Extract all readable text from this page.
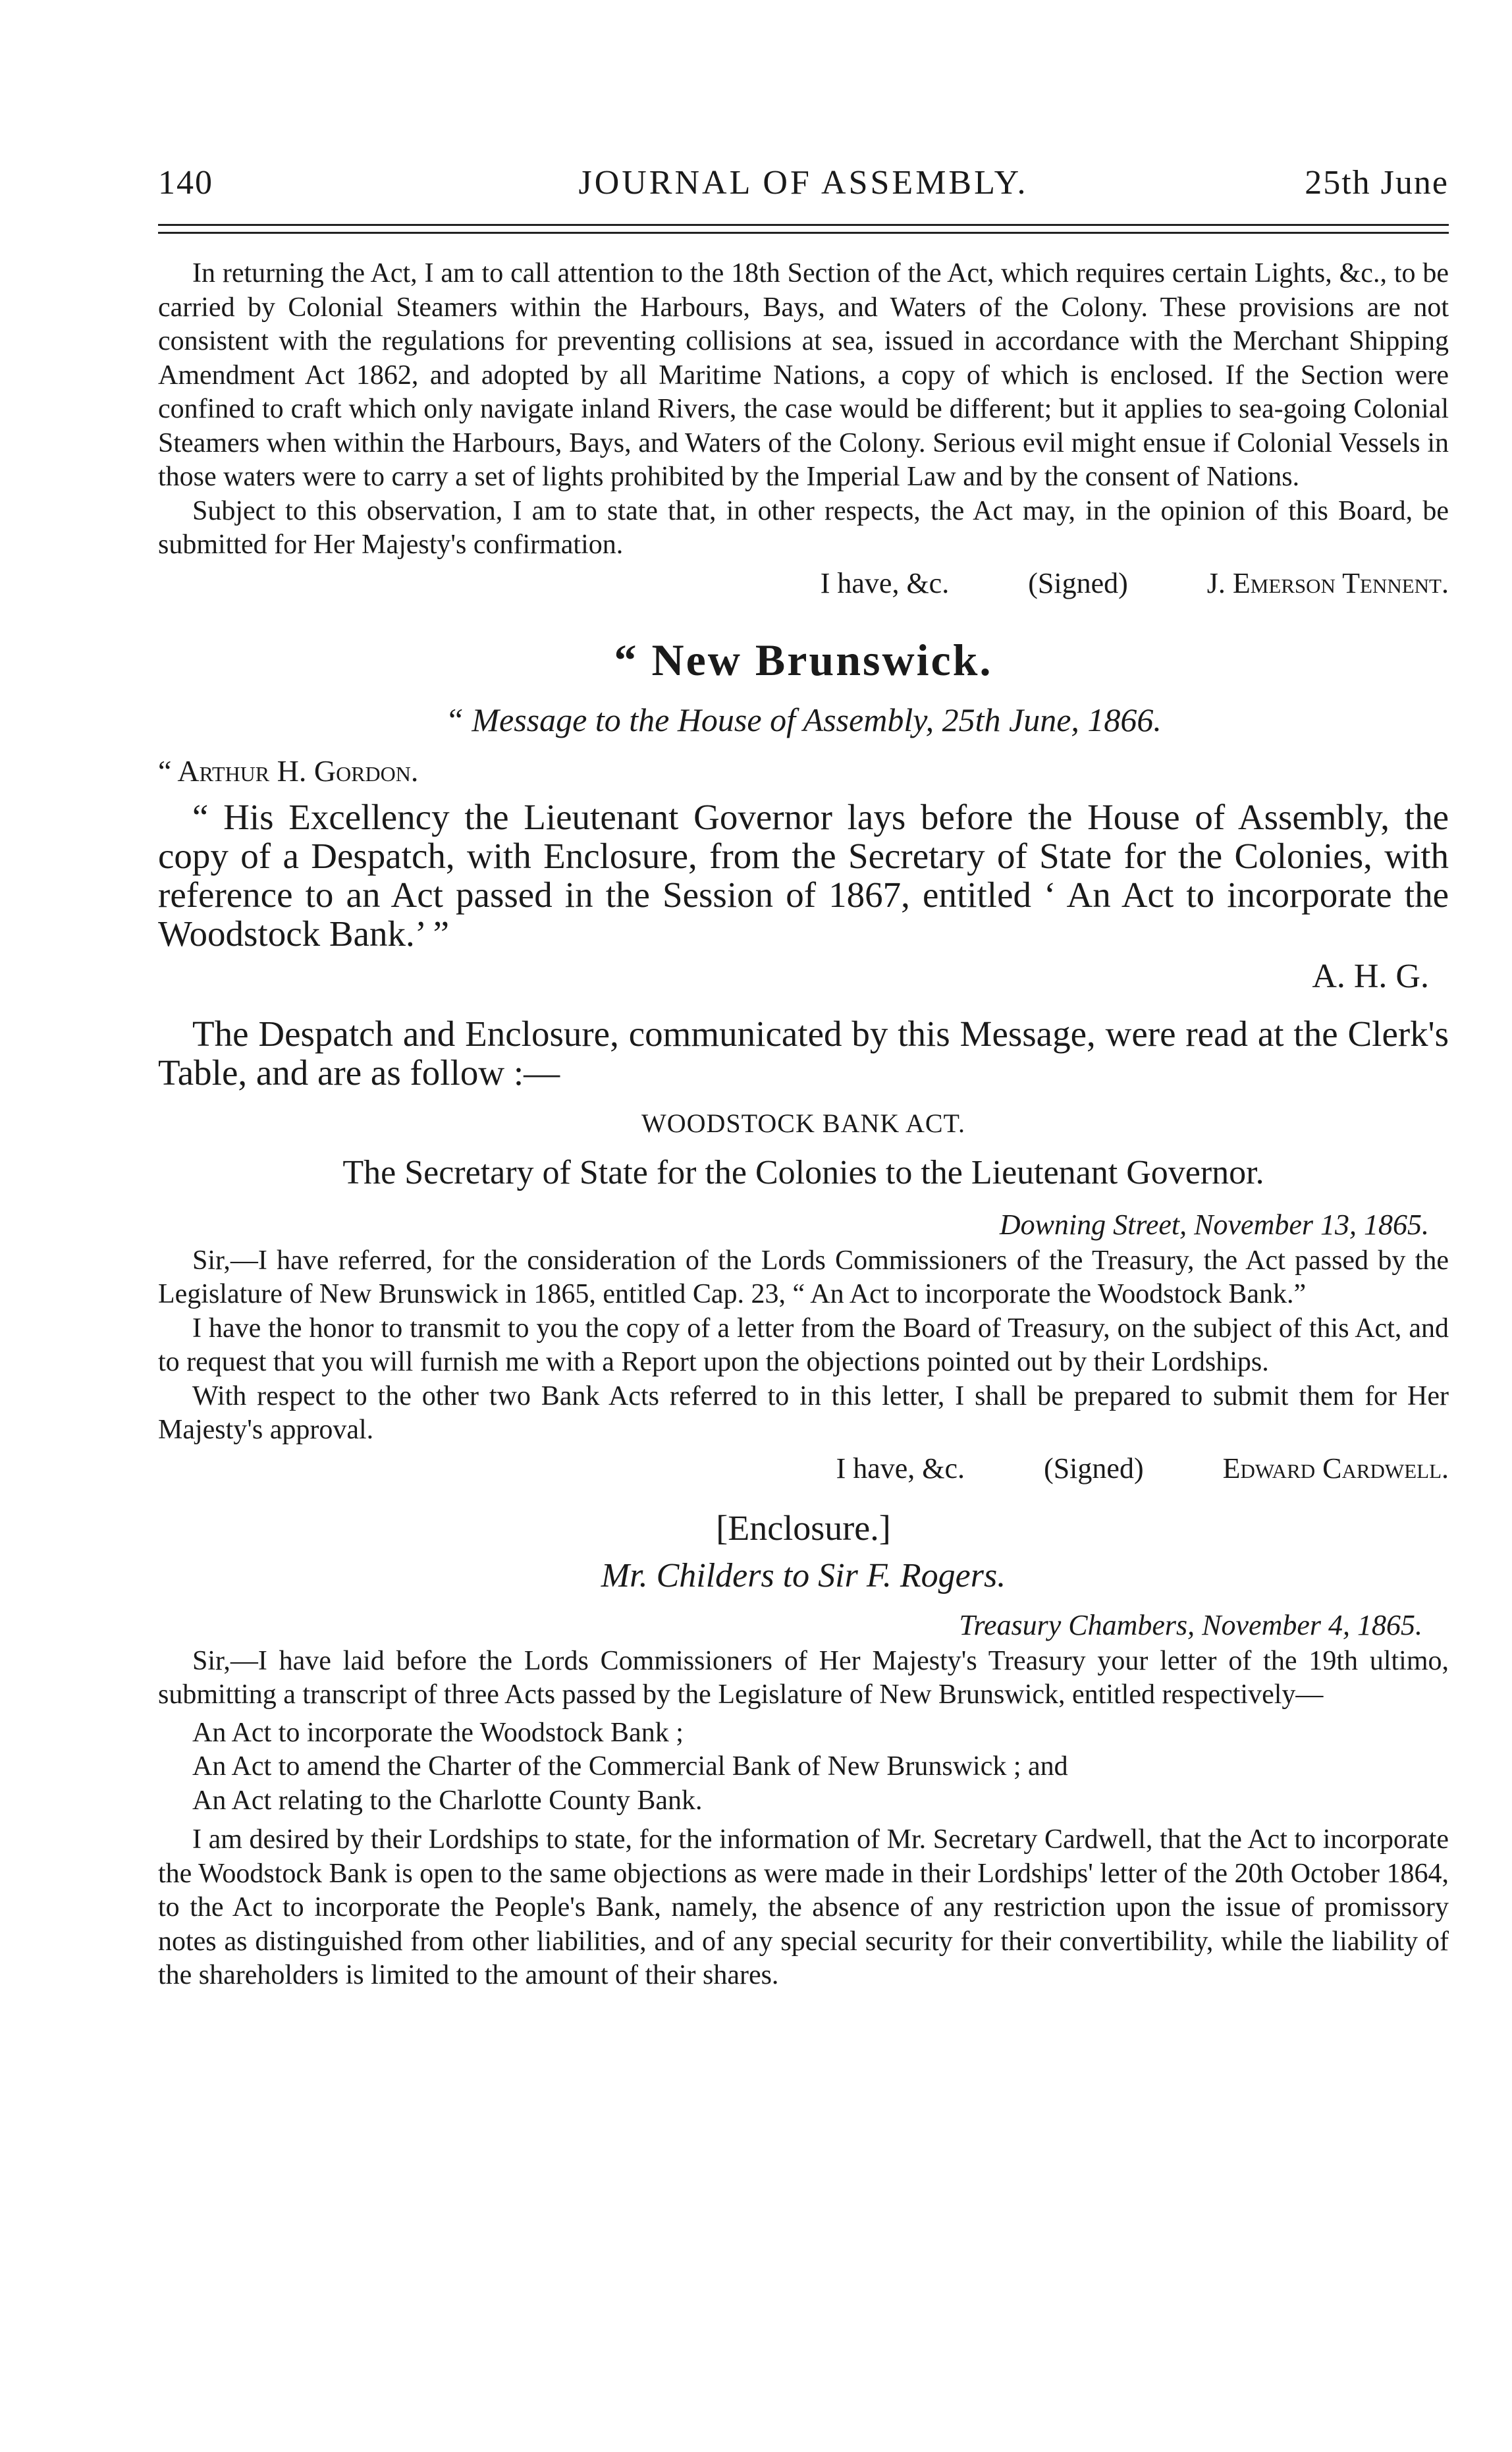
140	JOURNAL OF ASSEMBLY.	25th June

In returning the Act, I am to call attention to the 18th Section of the Act, which requires certain Lights, &c., to be carried by Colonial Steamers within the Harbours, Bays, and Waters of the Colony. These provisions are not consistent with the regulations for preventing collisions at sea, issued in accordance with the Merchant Shipping Amendment Act 1862, and adopted by all Maritime Nations, a copy of which is enclosed. If the Section were confined to craft which only navigate inland Rivers, the case would be different; but it applies to sea-going Colonial Steamers when within the Harbours, Bays, and Waters of the Colony. Serious evil might ensue if Colonial Vessels in those waters were to carry a set of lights prohibited by the Imperial Law and by the consent of Nations.

Subject to this observation, I am to state that, in other respects, the Act may, in the opinion of this Board, be submitted for Her Majesty's confirmation.

I have, &c.	(Signed)	J. Emerson Tennent.

“ New Brunswick.

“ Message to the House of Assembly, 25th June, 1866.

“ Arthur H. Gordon.

“ His Excellency the Lieutenant Governor lays before the House of Assembly, the copy of a Despatch, with Enclosure, from the Secretary of State for the Colonies, with reference to an Act passed in the Session of 1867, entitled ‘ An Act to incorporate the Woodstock Bank.’ ”

A. H. G.

The Despatch and Enclosure, communicated by this Message, were read at the Clerk's Table, and are as follow :—

WOODSTOCK BANK ACT.

The Secretary of State for the Colonies to the Lieutenant Governor.

Downing Street, November 13, 1865.

Sir,—I have referred, for the consideration of the Lords Commissioners of the Treasury, the Act passed by the Legislature of New Brunswick in 1865, entitled Cap. 23, “ An Act to incorporate the Woodstock Bank.”

I have the honor to transmit to you the copy of a letter from the Board of Treasury, on the subject of this Act, and to request that you will furnish me with a Report upon the objections pointed out by their Lordships.

With respect to the other two Bank Acts referred to in this letter, I shall be prepared to submit them for Her Majesty's approval.

I have, &c.	(Signed)	Edward Cardwell.

[Enclosure.]

Mr. Childers to Sir F. Rogers.

Treasury Chambers, November 4, 1865.

Sir,—I have laid before the Lords Commissioners of Her Majesty's Treasury your letter of the 19th ultimo, submitting a transcript of three Acts passed by the Legislature of New Brunswick, entitled respectively—

An Act to incorporate the Woodstock Bank ;

An Act to amend the Charter of the Commercial Bank of New Brunswick ; and

An Act relating to the Charlotte County Bank.

I am desired by their Lordships to state, for the information of Mr. Secretary Cardwell, that the Act to incorporate the Woodstock Bank is open to the same objections as were made in their Lordships' letter of the 20th October 1864, to the Act to incorporate the People's Bank, namely, the absence of any restriction upon the issue of promissory notes as distinguished from other liabilities, and of any special security for their convertibility, while the liability of the shareholders is limited to the amount of their shares.
